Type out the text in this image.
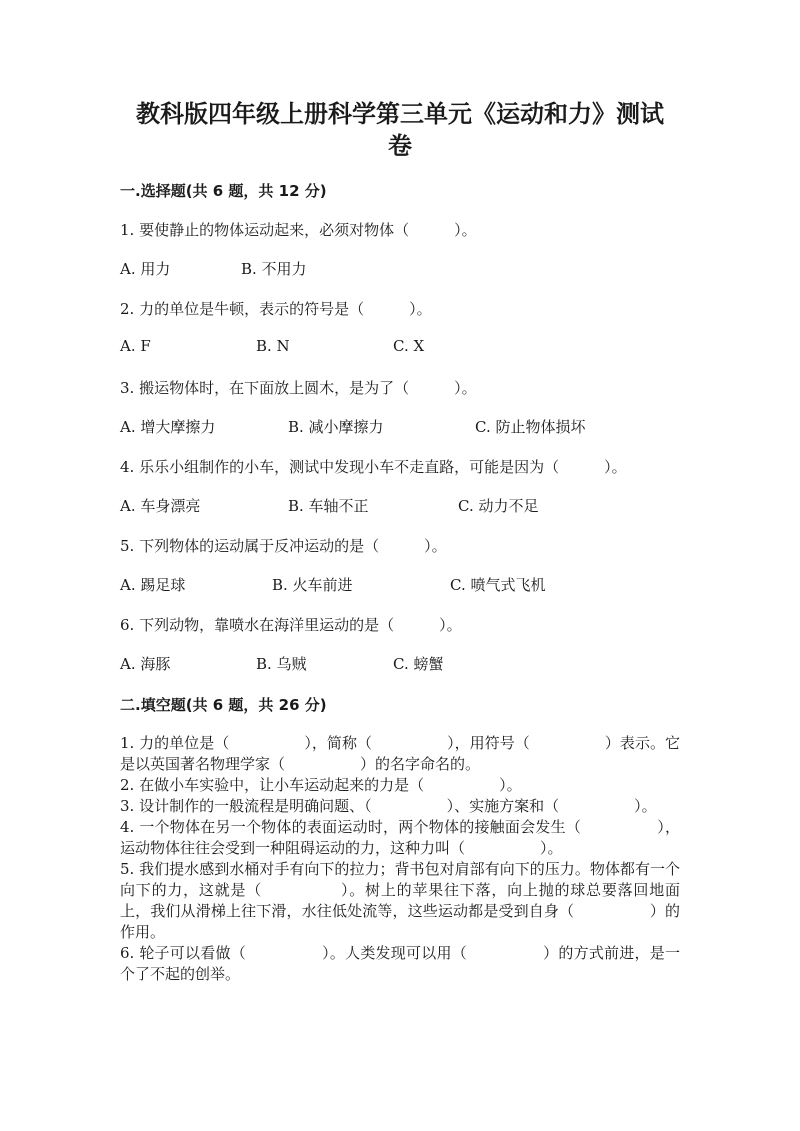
教科版四年级上册科学第三单元《运动和力》测试
卷
一.选择题(共 6 题，共 12 分)
1. 要使静止的物体运动起来，必须对物体（　　　）。
A. 用力	B. 不用力
2. 力的单位是牛顿，表示的符号是（　　　）。
A. F	B. N	C. X
3. 搬运物体时，在下面放上圆木，是为了（　　　）。
A. 增大摩擦力	B. 减小摩擦力	C. 防止物体损坏
4. 乐乐小组制作的小车，测试中发现小车不走直路，可能是因为（　　　）。
A. 车身漂亮	B. 车轴不正	C. 动力不足
5. 下列物体的运动属于反冲运动的是（　　　）。
A. 踢足球	B. 火车前进	C. 喷气式飞机
6. 下列动物，靠喷水在海洋里运动的是（　　　）。
A. 海豚	B. 乌贼	C. 螃蟹
二.填空题(共 6 题，共 26 分)

1. 力的单位是（　　　　　），简称（　　　　　），用符号（　　　　　）表示。它是以英国著名物理学家（　　　　　）的名字命名的。

2. 在做小车实验中，让小车运动起来的力是（　　　　　）。

3. 设计制作的一般流程是明确问题、（　　　　　）、实施方案和（　　　　　）。

4. 一个物体在另一个物体的表面运动时，两个物体的接触面会发生（　　　　　），运动物体往往会受到一种阻碍运动的力，这种力叫（　　　　　）。

5. 我们提水感到水桶对手有向下的拉力；背书包对肩部有向下的压力。物体都有一个向下的力，这就是（　　　　　）。树上的苹果往下落，向上抛的球总要落回地面上，我们从滑梯上往下滑，水往低处流等，这些运动都是受到自身（　　　　　）的作用。

6. 轮子可以看做（　　　　　）。人类发现可以用（　　　　　）的方式前进，是一个了不起的创举。
